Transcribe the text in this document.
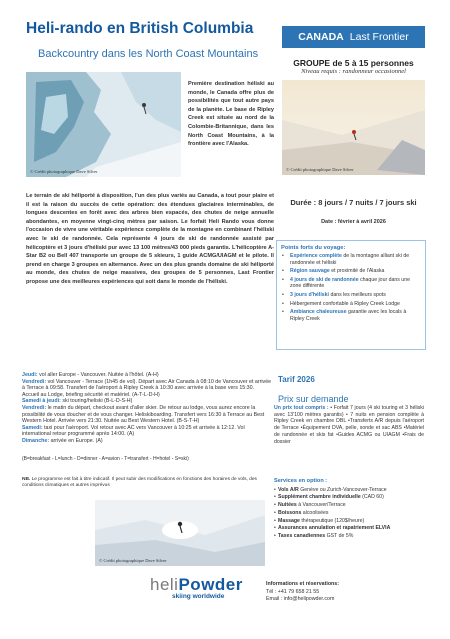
Heli-rando en British Columbia
Backcountry dans les North Coast Mountains
CANADA Last Frontier
GROUPE de 5 à 15 personnes
Niveau requis : randonneur occasionnel
© Crédit photographique Dave Silver	© Crédit photographique Dave Silver
Première destination héliski au monde, le Canada offre plus de possibilités que tout autre pays de la planète. Le base de Ripley Creek est située au nord de la Colombie-Britannique, dans les North Coast Mountains, à la frontière avec l'Alaska.
Le terrain de ski héliporté à disposition, l'un des plus variés au Canada, a tout pour plaire et il est la raison du succès de cette opération: des étendues glaciaires interminables, de longues descentes en forêt avec des arbres bien espacés, des chutes de neige annuelle abondantes, en moyenne vingt-cinq mètres par saison. Le forfait Heli Rando vous donne l'occasion de vivre une véritable expérience complète de la montagne en combinant l'héliski avec le ski de randonnée. Cela représente 4 jours de ski de randonnée assisté par hélicoptère et 3 jours d'héliski pur avec 13 100 mètres/43 000 pieds garantis. L'hélicoptère A-Star B2 ou Bell 407 transporte un groupe de 5 skieurs, 1 guide ACMG/UIAGM et le pilote. Il prend en charge 3 groupes en alternance. Avec un des plus grands domaine de ski héliporté au monde, des chutes de neige massives, des groupes de 5 personnes, Last Frontier propose une des meilleures expériences qui soit dans le monde de l'héliski.
Durée : 8 jours / 7 nuits / 7 jours ski
Date : février à avril 2026
Points forts du voyage:
• Expérience complète de la montagne alliant ski de randonnée et héliski
• Région sauvage et proximité de l'Alaska
• 4 jours de ski de randonnée chaque jour dans une zone différente
• 3 jours d'héliski dans les meilleurs spots
• Hébergement confortable à Ripley Creek Lodge
• Ambiance chaleureuse garantie avec les locals à Ripley Creek
Jeudi: vol aller Europe - Vancouver. Nuitée à l'hôtel. (A-H)
Vendredi: vol Vancouver - Terrace (1h45 de vol). Départ avec Air Canada à 08:10 de Vancouver et arrivée à Terrace à 09:58. Transfert de l'aéroport à Ripley Creek à 10:30 avec arrivée à la base vers 15:30. Accueil au Lodge, briefing sécurité et matériel. (A-T-L-D-H)
Samedi à jeudi: ski touring/heliski (B-L-D-S-H)
Vendredi: le matin du départ, checkout avant d'aller skier. De retour au lodge, vous aurez encore la possibilité de vous doucher et de vous changer. Heliskiboarding. Transfert vers 16:30 à Terrace au Best Western Hotel. Arrivée vers 21:30. Nuitée au Best Western Hotel. (B-S-T-H)
Samedi: taxi pour l'aéroport. Vol retour avec AC vers Vancouver à 10:25 et arrivée à 12:12. Vol international retour programmé après 14:00. (A)
Dimanche: arrivée en Europe. (A)
(B=breakfast - L=lunch - D=dinner - A=avion - T=transfert - H=hotel - S=ski)
NB. Le programme est fait à titre indicatif. Il peut subir des modifications en fonctions des horaires de vols, des conditions climatiques et autres imprévus
© Crédit photographique Dave Silver
Tarif 2026
Prix sur demande
Un prix tout compris : • Forfait 7 jours (4 ski touring et 3 héliski avec 13'100 mètres garantis) • 7 nuits en pension complète à Ripley Creek en chambre DBL •Transferts A/R depuis l'aéroport de Terrace •Équipement DVA, pelle, sonde et sac ABS •Matériel de randonnée et skis fat •Guides ACMG ou UIAGM •Frais de dossier
Services en option :
• Vols A/R Genève ou Zurich-Vancouver-Terrace
• Supplément chambre individuelle (CAD 60)
• Nuitées à Vancouver/Terrace
• Boissons alcoolisées
• Massage thérapeutique (120$/heure)
• Assurances annulation et rapatriement ELVIA
• Taxes canadiennes GST de 5%
heliPowder
skiing worldwide
Informations et réservations:
Tél : +41 79 658 21 55
Email : info@helipowder.com
